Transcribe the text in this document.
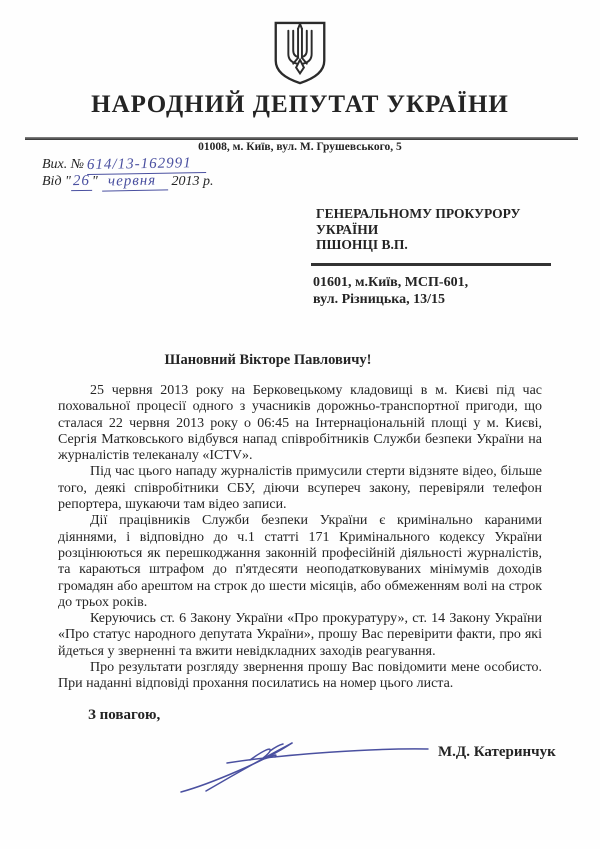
НАРОДНИЙ ДЕПУТАТ УКРАЇНИ
01008, м. Київ, вул. М. Грушевського, 5
Вих. № 614/13-162991
Від " 26 " червня 2013 р.
ГЕНЕРАЛЬНОМУ ПРОКУРОРУ
УКРАЇНИ
ПШОНЦІ В.П.
01601, м.Київ, МСП-601,
вул. Різницька, 13/15
Шановний Вікторе Павловичу!

25 червня 2013 року на Берковецькому кладовищі в м. Києві під час поховальної процесії одного з учасників дорожньо-транспортної пригоди, що сталася 22 червня 2013 року о 06:45 на Інтернаціональній площі у м. Києві, Сергія Матковського відбувся напад співробітників Служби безпеки України на журналістів телеканалу «ICTV».

Під час цього нападу журналістів примусили стерти відзняте відео, більше того, деякі співробітники СБУ, діючи всупереч закону, перевіряли телефон репортера, шукаючи там відео записи.

Дії працівників Служби безпеки України є кримінально караними діяннями, і відповідно до ч.1 статті 171 Кримінального кодексу України розцінюються як перешкоджання законній професійній діяльності журналістів, та караються штрафом до п'ятдесяти неоподатковуваних мінімумів доходів громадян або арештом на строк до шести місяців, або обмеженням волі на строк до трьох років.

Керуючись ст. 6 Закону України «Про прокуратуру», ст. 14 Закону України «Про статус народного депутата України», прошу Вас перевірити факти, про які йдеться у зверненні та вжити невідкладних заходів реагування.

Про результати розгляду звернення прошу Вас повідомити мене особисто. При наданні відповіді прохання посилатись на номер цього листа.

З повагою,
М.Д. Катеринчук
